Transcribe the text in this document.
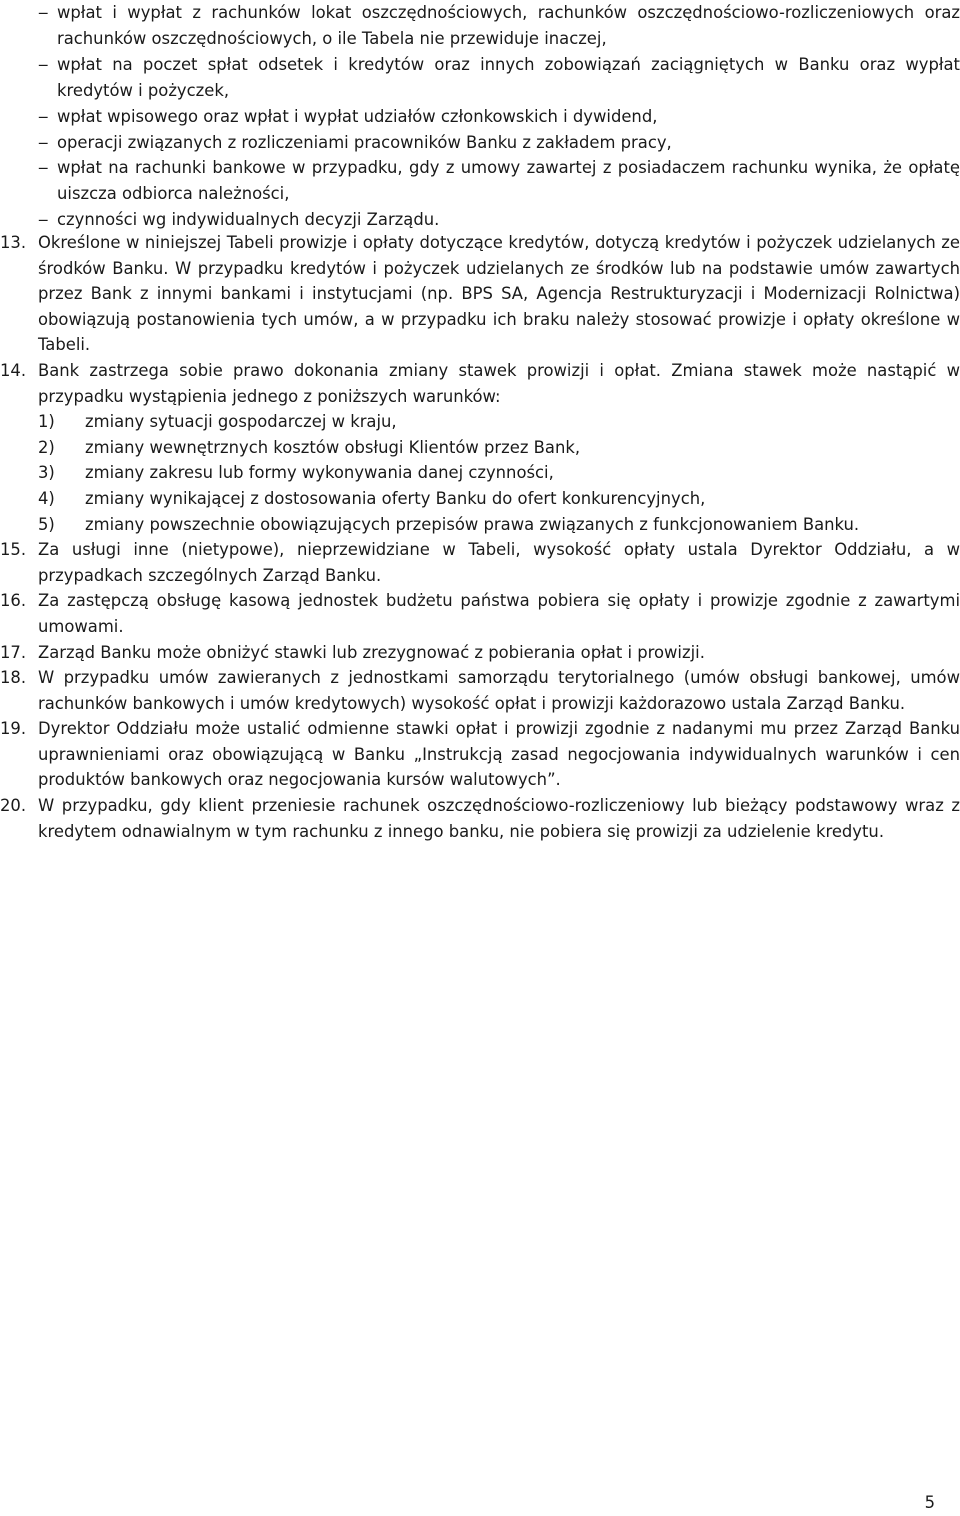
‒ wpłat i wypłat z rachunków lokat oszczędnościowych, rachunków oszczędnościowo-rozliczeniowych oraz rachunków oszczędnościowych, o ile Tabela nie przewiduje inaczej,
‒ wpłat na poczet spłat odsetek i kredytów oraz innych zobowiązań zaciągniętych w Banku oraz wypłat kredytów i pożyczek,
‒ wpłat wpisowego oraz wpłat i wypłat udziałów członkowskich i dywidend,
‒ operacji związanych z rozliczeniami pracowników Banku z zakładem pracy,
‒ wpłat na rachunki bankowe w przypadku, gdy z umowy zawartej z posiadaczem rachunku wynika, że opłatę uiszcza odbiorca należności,
‒ czynności wg indywidualnych decyzji Zarządu.
13. Określone w niniejszej Tabeli prowizje i opłaty dotyczące kredytów, dotyczą kredytów i pożyczek udzielanych ze środków Banku. W przypadku kredytów i pożyczek udzielanych ze środków lub na podstawie umów zawartych przez Bank z innymi bankami i instytucjami (np. BPS SA, Agencja Restrukturyzacji i Modernizacji Rolnictwa) obowiązują postanowienia tych umów, a w przypadku ich braku należy stosować prowizje i opłaty określone w Tabeli.
14. Bank zastrzega sobie prawo dokonania zmiany stawek prowizji i opłat. Zmiana stawek może nastąpić w przypadku wystąpienia jednego z poniższych warunków:
1)	zmiany sytuacji gospodarczej w kraju,
2)	zmiany wewnętrznych kosztów obsługi Klientów przez Bank,
3)	zmiany zakresu lub formy wykonywania danej czynności,
4)	zmiany wynikającej z dostosowania oferty Banku do ofert konkurencyjnych,
5)	zmiany powszechnie obowiązujących przepisów prawa związanych z funkcjonowaniem Banku.
15. Za usługi inne (nietypowe), nieprzewidziane w Tabeli, wysokość opłaty ustala Dyrektor Oddziału, a w przypadkach szczególnych Zarząd Banku.
16. Za zastępczą obsługę kasową jednostek budżetu państwa pobiera się opłaty i prowizje zgodnie z zawartymi umowami.
17. Zarząd Banku może obniżyć stawki lub zrezygnować z pobierania opłat i prowizji.
18. W przypadku umów zawieranych z jednostkami samorządu terytorialnego (umów obsługi bankowej, umów rachunków bankowych i umów kredytowych) wysokość opłat i prowizji każdorazowo ustala Zarząd Banku.
19. Dyrektor Oddziału może ustalić odmienne stawki opłat i prowizji zgodnie z nadanymi mu przez Zarząd Banku uprawnieniami oraz obowiązującą w Banku „Instrukcją zasad negocjowania indywidualnych warunków i cen produktów bankowych oraz negocjowania kursów walutowych”.
20. W przypadku, gdy klient przeniesie rachunek oszczędnościowo-rozliczeniowy lub bieżący podstawowy wraz z kredytem odnawialnym w tym rachunku z innego banku, nie pobiera się prowizji za udzielenie kredytu.
5
